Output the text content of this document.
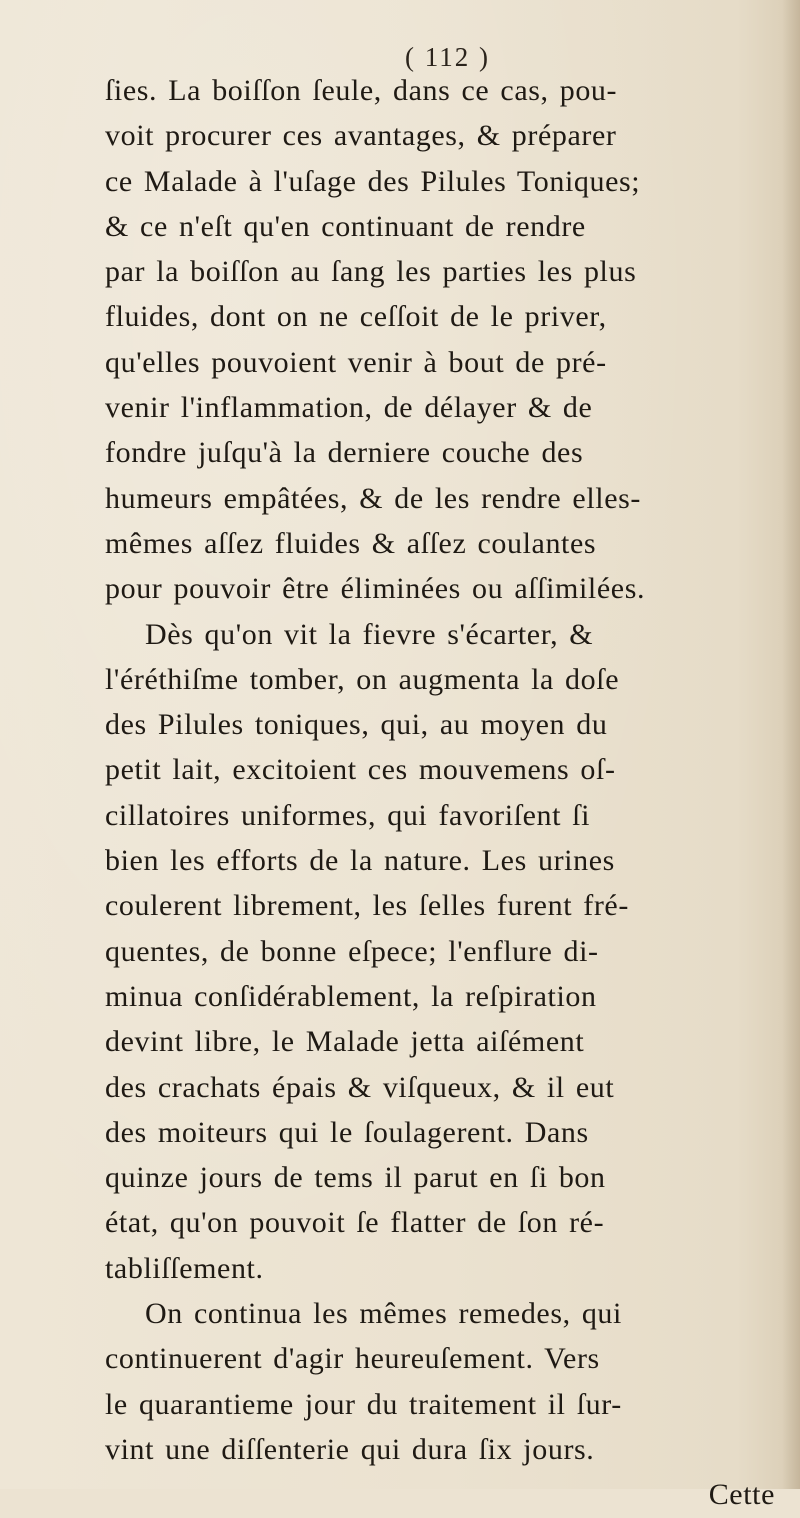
( 112 )
ſies. La boiſſon ſeule, dans ce cas, pou-
voit procurer ces avantages, & préparer
ce Malade à l'uſage des Pilules Toniques;
& ce n'eſt qu'en continuant de rendre
par la boiſſon au ſang les parties les plus
fluides, dont on ne ceſſoit de le priver,
qu'elles pouvoient venir à bout de pré-
venir l'inflammation, de délayer & de
fondre juſqu'à la derniere couche des
humeurs empâtées, & de les rendre elles-
mêmes aſſez fluides & aſſez coulantes
pour pouvoir être éliminées ou aſſimilées.
Dès qu'on vit la fievre s'écarter, &
l'éréthiſme tomber, on augmenta la doſe
des Pilules toniques, qui, au moyen du
petit lait, excitoient ces mouvemens oſ-
cillatoires uniformes, qui favoriſent ſi
bien les efforts de la nature. Les urines
coulerent librement, les ſelles furent fré-
quentes, de bonne eſpece; l'enflure di-
minua conſidérablement, la reſpiration
devint libre, le Malade jetta aiſément
des crachats épais & viſqueux, & il eut
des moiteurs qui le ſoulagerent. Dans
quinze jours de tems il parut en ſi bon
état, qu'on pouvoit ſe flatter de ſon ré-
tabliſſement.
On continua les mêmes remedes, qui
continuerent d'agir heureuſement. Vers
le quarantieme jour du traitement il ſur-
vint une diſſenterie qui dura ſix jours.
Cette
